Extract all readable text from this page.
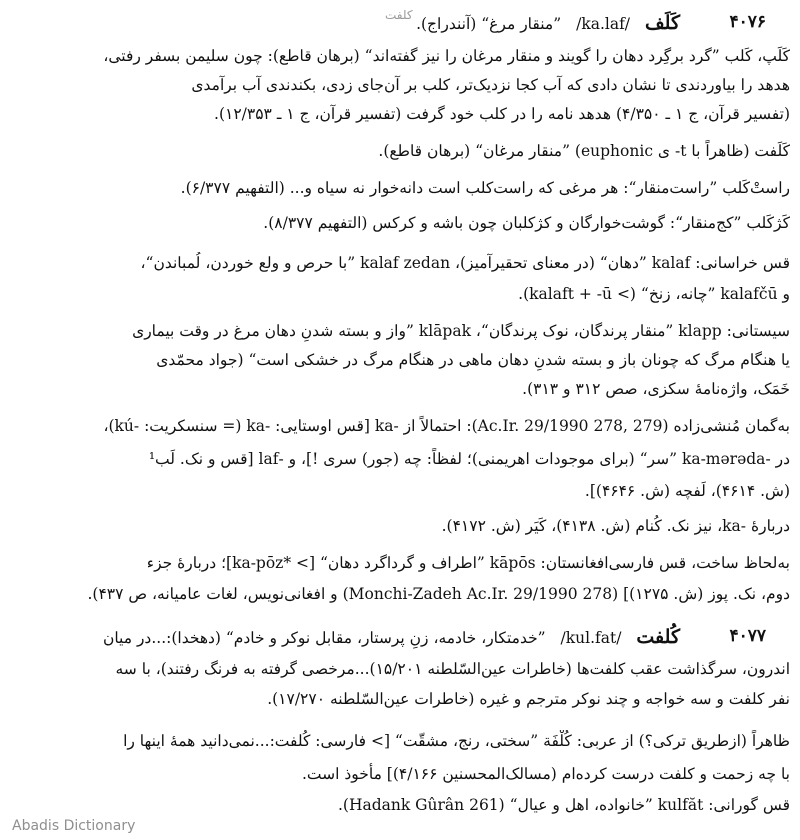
کلفت	۴۰۷۶
کَلَف /ka.laf/ ”منقار مرغ“ (آنندراج).
کَلَپ، کَلب ”گرد برگِرد دهان را گویند و منقار مرغان را نیز گفته‌اند“ (برهان قاطع): چون سلیمن بسفر رفتی،
هدهد را بیاوردندی تا نشان دادی که آب کجا نزدیک‌تر، کلب بر آن‌جای زدی، بکندندی آب برآمدی
(تفسیر قرآن، ج ۱ ـ ۴/۳۵۰) هدهد نامه را در کلب خود گرفت (تفسیر قرآن، ج ۱ ـ ۱۲/۳۵۳).
کَلَفت (ظاهراً با t- ی euphonic) ”منقار مرغان“ (برهان قاطع).
راستْ‌کَلب ”راست‌منقار“: هر مرغی که راست‌کلب است دانه‌خوار نه سیاه و... (التفهیم ۶/۳۷۷).
کَژکَلب ”کج‌منقار“: گوشت‌خوارگان و کژکلبان چون باشه و کرکس (التفهیم ۸/۳۷۷).
قس خراسانی: kalaf ”دهان“ (در معنای تحقیرآمیز)، kalaf zedan ”با حرص و ولع خوردن، لُمباندن“،
و kalafčū ”چانه، زنخ“ (> kalaft + -ū).
سیستانی: klapp ”منقار پرندگان، نوک پرندگان“، klāpak ”واز و بسته شدنِ دهان مرغ در وقت بیماری
یا هنگام مرگ که چونان باز و بسته شدنِ دهان ماهی در هنگام مرگ در خشکی است“ (جواد محمّدی
خَمَک، واژه‌نامهٔ سکزی، صص ۳۱۲ و ۳۱۳).
به‌گمان مُنشی‌زاده (Ac.Ir. 29/1990 278, 279): احتمالاً از -ka [قس اوستایی: -ka (= سنسکریت: -kú)،
در -ka-mərəda ”سر“ (برای موجودات اهریمنی)؛ لفظاً: چه (جور) سری !]، و -laf [قس و نک. لَب¹
(ش. ۴۶۱۴)، لَفچه (ش. ۴۶۴۶)].
دربارهٔ -ka، نیز نک. کُنام (ش. ۴۱۳۸)، کَیَر (ش. ۴۱۷۲).
به‌لحاظ ساخت، قس فارسی‌افغانستان: kāpōs ”اطراف و گرداگرد دهان“ [> *ka-pōz]؛ دربارهٔ جزء
دوم، نک. پوز (ش. ۱۲۷۵)] (Monchi-Zadeh Ac.Ir. 29/1990 278) و افغانی‌نویس، لغات عامیانه، ص ۴۳۷).
۴۰۷۷
کُلفت /kul.fat/ ”خدمتکار، خادمه، زنِ پرستار، مقابل نوکر و خادم“ (دهخدا):...در میان
اندرون، سرگذاشت عقب کلفت‌ها (خاطرات عین‌السّلطنه ۱۵/۲۰۱)...مرخصی گرفته به فرنگ رفتند)، با سه
نفر کلفت و سه خواجه و چند نوکر مترجم و غیره (خاطرات عین‌السّلطنه ۱۷/۲۷۰).
ظاهراً (ازطریق ترکی؟) از عربی: کُلْفَة ”سختی، رنج، مشقّت“ [> فارسی: کُلفت:...نمی‌دانید همهٔ اینها را
با چه زحمت و کلفت درست کرده‌ام (مسالک‌المحسنین ۴/۱۶۶)] مأخوذ است.
قس گورانی: kulfăt ”خانواده، اهل و عیال“ (Hadank Gûrân 261).
Abadis Dictionary
